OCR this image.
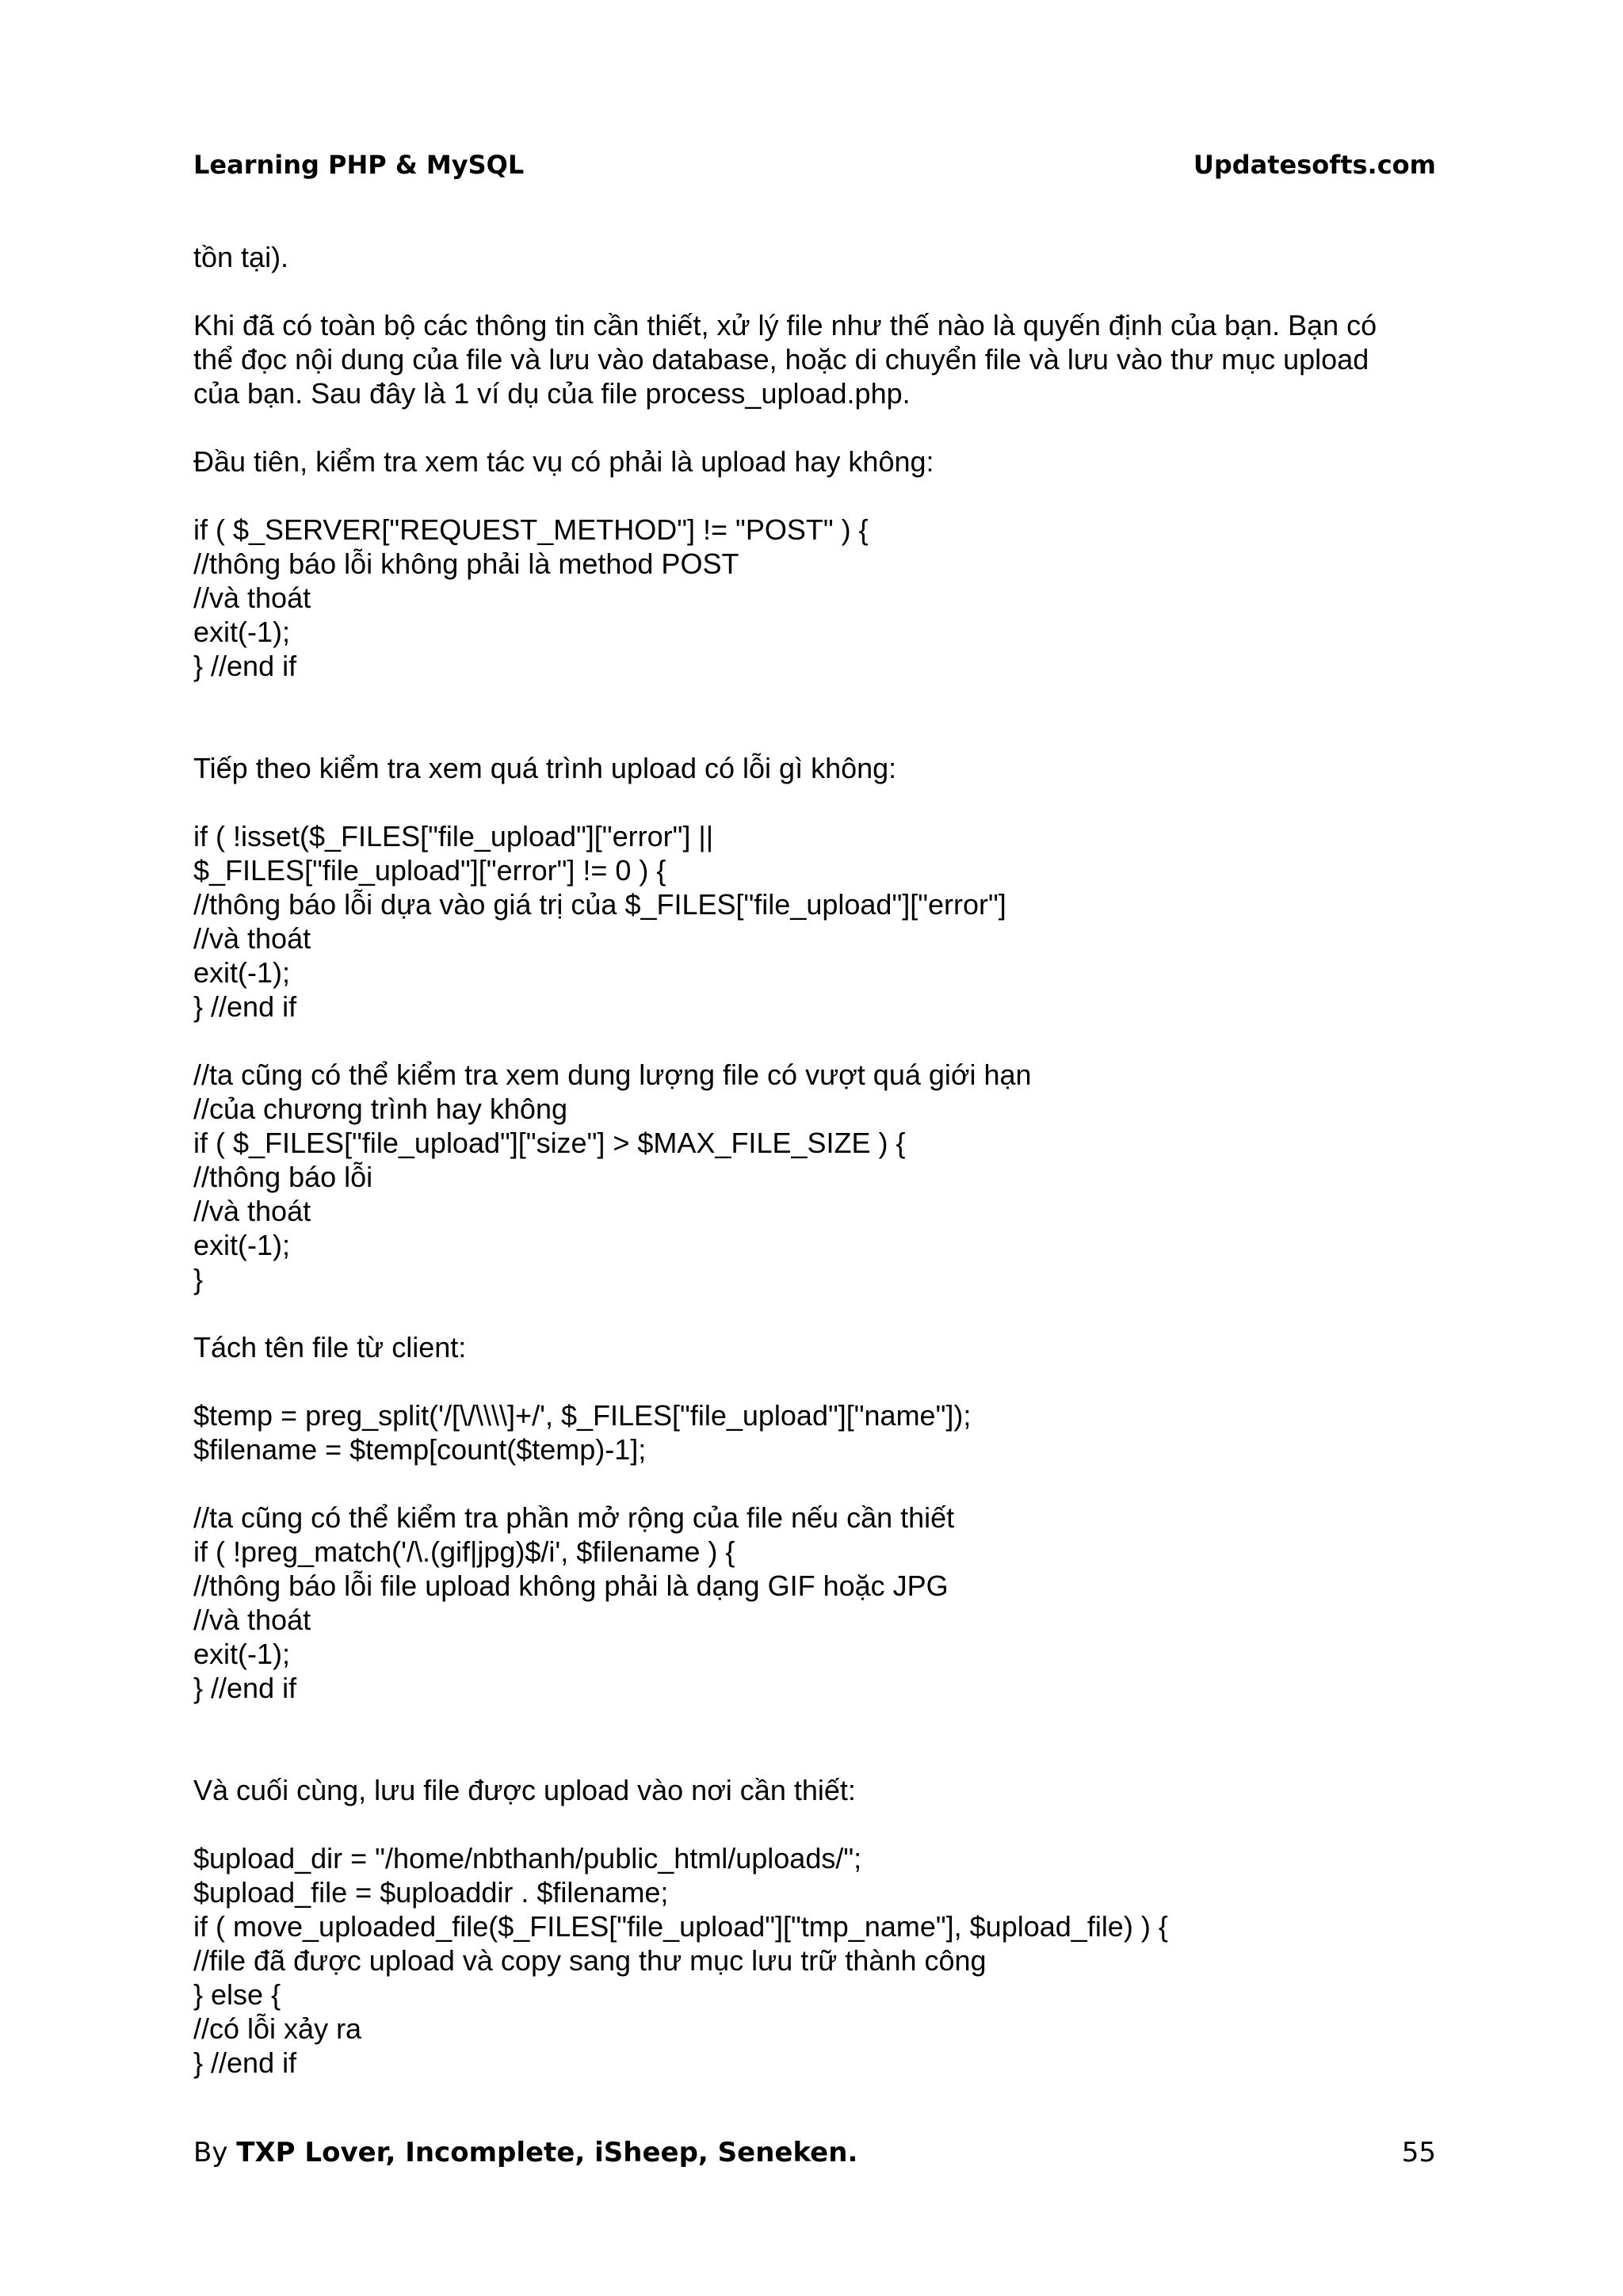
Learning PHP & MySQL	Updatesofts.com
tồn tại).
Khi đã có toàn bộ các thông tin cần thiết, xử lý file như thế nào là quyến định của bạn. Bạn có
thể đọc nội dung của file và lưu vào database, hoặc di chuyển file và lưu vào thư mục upload
của bạn. Sau đây là 1 ví dụ của file process_upload.php.
Đầu tiên, kiểm tra xem tác vụ có phải là upload hay không:
if ( $_SERVER["REQUEST_METHOD"] != "POST" ) {
//thông báo lỗi không phải là method POST
//và thoát
exit(-1);
} //end if
Tiếp theo kiểm tra xem quá trình upload có lỗi gì không:
if ( !isset($_FILES["file_upload"]["error"] ||
$_FILES["file_upload"]["error"] != 0 ) {
//thông báo lỗi dựa vào giá trị của $_FILES["file_upload"]["error"]
//và thoát
exit(-1);
} //end if
//ta cũng có thể kiểm tra xem dung lượng file có vượt quá giới hạn
//của chương trình hay không
if ( $_FILES["file_upload"]["size"] > $MAX_FILE_SIZE ) {
//thông báo lỗi
//và thoát
exit(-1);
}
Tách tên file từ client:
$temp = preg_split('/[\/\\\\]+/', $_FILES["file_upload"]["name"]);
$filename = $temp[count($temp)-1];
//ta cũng có thể kiểm tra phần mở rộng của file nếu cần thiết
if ( !preg_match('/\.(gif|jpg)$/i', $filename ) {
//thông báo lỗi file upload không phải là dạng GIF hoặc JPG
//và thoát
exit(-1);
} //end if
Và cuối cùng, lưu file được upload vào nơi cần thiết:
$upload_dir = "/home/nbthanh/public_html/uploads/";
$upload_file = $uploaddir . $filename;
if ( move_uploaded_file($_FILES["file_upload"]["tmp_name"], $upload_file) ) {
//file đã được upload và copy sang thư mục lưu trữ thành công
} else {
//có lỗi xảy ra
} //end if
By TXP Lover, Incomplete, iSheep, Seneken.	55
